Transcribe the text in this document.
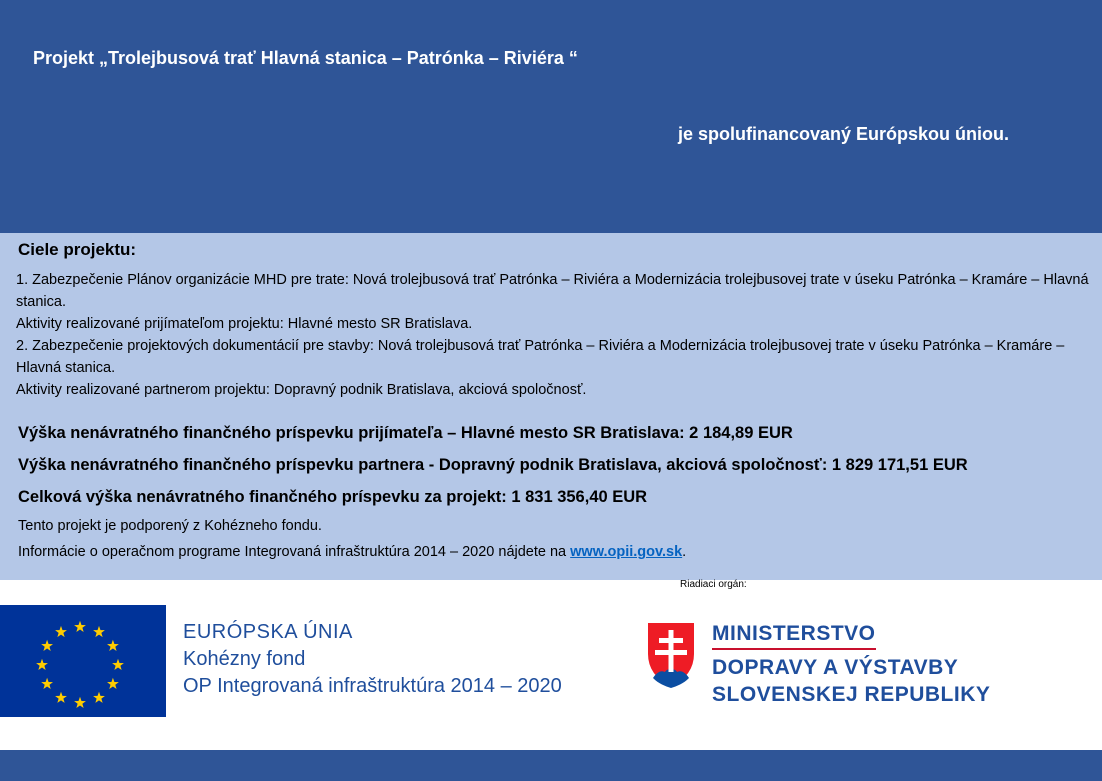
Projekt „Trolejbusová trať Hlavná stanica – Patrónka – Riviéra “
je spolufinancovaný Európskou úniou.
Ciele projektu:
1. Zabezpečenie Plánov organizácie MHD pre trate: Nová trolejbusová trať Patrónka – Riviéra a Modernizácia trolejbusovej trate v úseku Patrónka – Kramáre – Hlavná stanica.
Aktivity realizované prijímateľom projektu: Hlavné mesto SR Bratislava.
2. Zabezpečenie projektových dokumentácií pre stavby: Nová trolejbusová trať Patrónka – Riviéra a Modernizácia trolejbusovej trate v úseku Patrónka – Kramáre – Hlavná stanica.
Aktivity realizované partnerom projektu: Dopravný podnik Bratislava, akciová spoločnosť.
Výška nenávratného finančného príspevku prijímateľa – Hlavné mesto SR Bratislava: 2 184,89 EUR
Výška nenávratného finančného príspevku partnera - Dopravný podnik Bratislava, akciová spoločnosť: 1 829 171,51 EUR
Celková výška nenávratného finančného príspevku za projekt: 1 831 356,40 EUR
Tento projekt je podporený z Kohézneho fondu.
Informácie o operačnom programe Integrovaná infraštruktúra 2014 – 2020 nájdete na www.opii.gov.sk.
Riadiaci orgán:
EURÓPSKA ÚNIA
Kohézny fond
OP Integrovaná infraštruktúra 2014 – 2020
MINISTERSTVO
DOPRAVY A VÝSTAVBY
SLOVENSKEJ REPUBLIKY
